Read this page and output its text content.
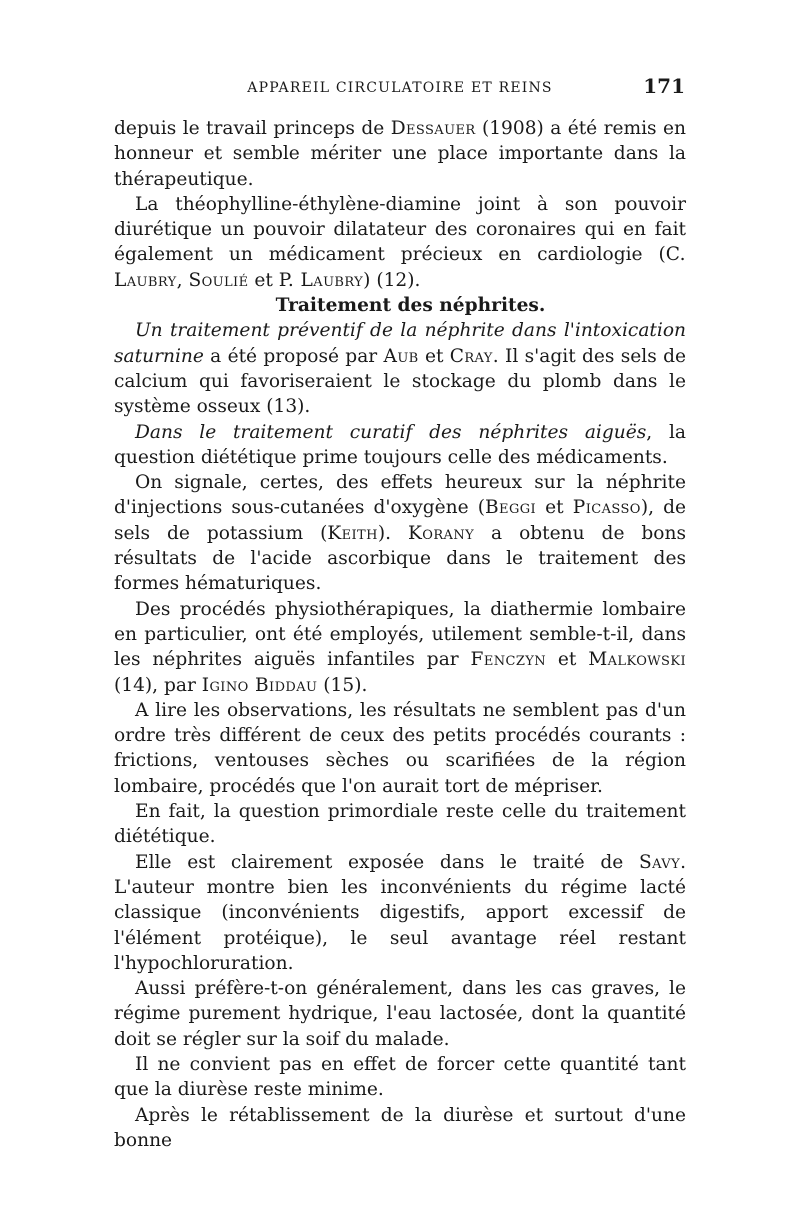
APPAREIL CIRCULATOIRE ET REINS	171

depuis le travail princeps de Dessauer (1908) a été remis en honneur et semble mériter une place importante dans la thérapeutique.

La théophylline-éthylène-diamine joint à son pouvoir diurétique un pouvoir dilatateur des coronaires qui en fait également un médicament précieux en cardiologie (C. Laubry, Soulié et P. Laubry) (12).

Traitement des néphrites.

Un traitement préventif de la néphrite dans l'intoxication saturnine a été proposé par Aub et Cray. Il s'agit des sels de calcium qui favoriseraient le stockage du plomb dans le système osseux (13).

Dans le traitement curatif des néphrites aiguës, la question diététique prime toujours celle des médicaments.

On signale, certes, des effets heureux sur la néphrite d'injections sous-cutanées d'oxygène (Beggi et Picasso), de sels de potassium (Keith). Korany a obtenu de bons résultats de l'acide ascorbique dans le traitement des formes hématuriques.

Des procédés physiothérapiques, la diathermie lombaire en particulier, ont été employés, utilement semble-t-il, dans les néphrites aiguës infantiles par Fenczyn et Malkowski (14), par Igino Biddau (15).

A lire les observations, les résultats ne semblent pas d'un ordre très différent de ceux des petits procédés courants : frictions, ventouses sèches ou scarifiées de la région lombaire, procédés que l'on aurait tort de mépriser.

En fait, la question primordiale reste celle du traitement diététique.

Elle est clairement exposée dans le traité de Savy. L'auteur montre bien les inconvénients du régime lacté classique (inconvénients digestifs, apport excessif de l'élément protéique), le seul avantage réel restant l'hypochloruration.

Aussi préfère-t-on généralement, dans les cas graves, le régime purement hydrique, l'eau lactosée, dont la quantité doit se régler sur la soif du malade.

Il ne convient pas en effet de forcer cette quantité tant que la diurèse reste minime.

Après le rétablissement de la diurèse et surtout d'une bonne
